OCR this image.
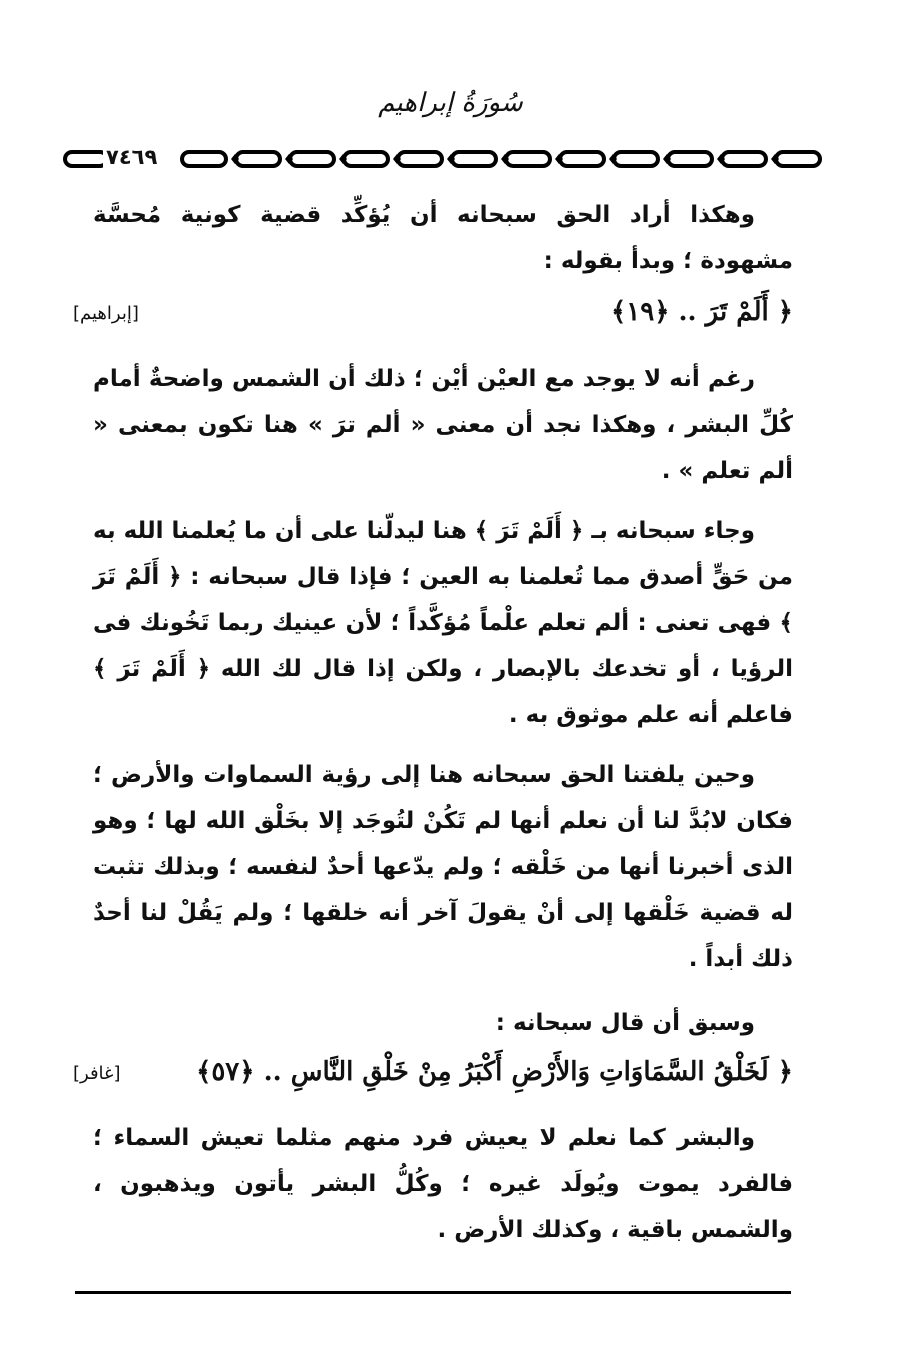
سُورَةُ إبراهيم
٧٤٦٩

وهكذا أراد الحق سبحانه أن يُؤكِّد قضية كونية مُحسَّة مشهودة ؛ وبدأ بقوله :

﴿ أَلَمْ تَرَ .. ﴿١٩﴾
[إبراهيم]

رغم أنه لا يوجد مع العيْن أيْن ؛ ذلك أن الشمس واضحةٌ أمام كُلِّ البشر ، وهكذا نجد أن معنى « ألم ترَ » هنا تكون بمعنى « ألم تعلم » .

وجاء سبحانه بـ ﴿ أَلَمْ تَرَ ﴾ هنا ليدلّنا على أن ما يُعلمنا الله به من حَقٍّ أصدق مما تُعلمنا به العين ؛ فإذا قال سبحانه : ﴿ أَلَمْ تَرَ ﴾ فهى تعنى : ألم تعلم علْماً مُؤكَّداً ؛ لأن عينيك ربما تَخُونك فى الرؤيا ، أو تخدعك بالإبصار ، ولكن إذا قال لك الله ﴿ أَلَمْ تَرَ ﴾ فاعلم أنه علم موثوق به .

وحين يلفتنا الحق سبحانه هنا إلى رؤية السماوات والأرض ؛ فكان لابُدَّ لنا أن نعلم أنها لم تَكُنْ لتُوجَد إلا بخَلْق الله لها ؛ وهو الذى أخبرنا أنها من خَلْقه ؛ ولم يدّعها أحدٌ لنفسه ؛ وبذلك تثبت له قضية خَلْقها إلى أنْ يقولَ آخر أنه خلقها ؛ ولم يَقُلْ لنا أحدٌ ذلك أبداً .

وسبق أن قال سبحانه :

﴿ لَخَلْقُ السَّمَاوَاتِ وَالأَرْضِ أَكْبَرُ مِنْ خَلْقِ النَّاسِ .. ﴿٥٧﴾
[غافر]

والبشر كما نعلم لا يعيش فرد منهم مثلما تعيش السماء ؛ فالفرد يموت ويُولَد غيره ؛ وكُلُّ البشر يأتون ويذهبون ، والشمس باقية ، وكذلك الأرض .
